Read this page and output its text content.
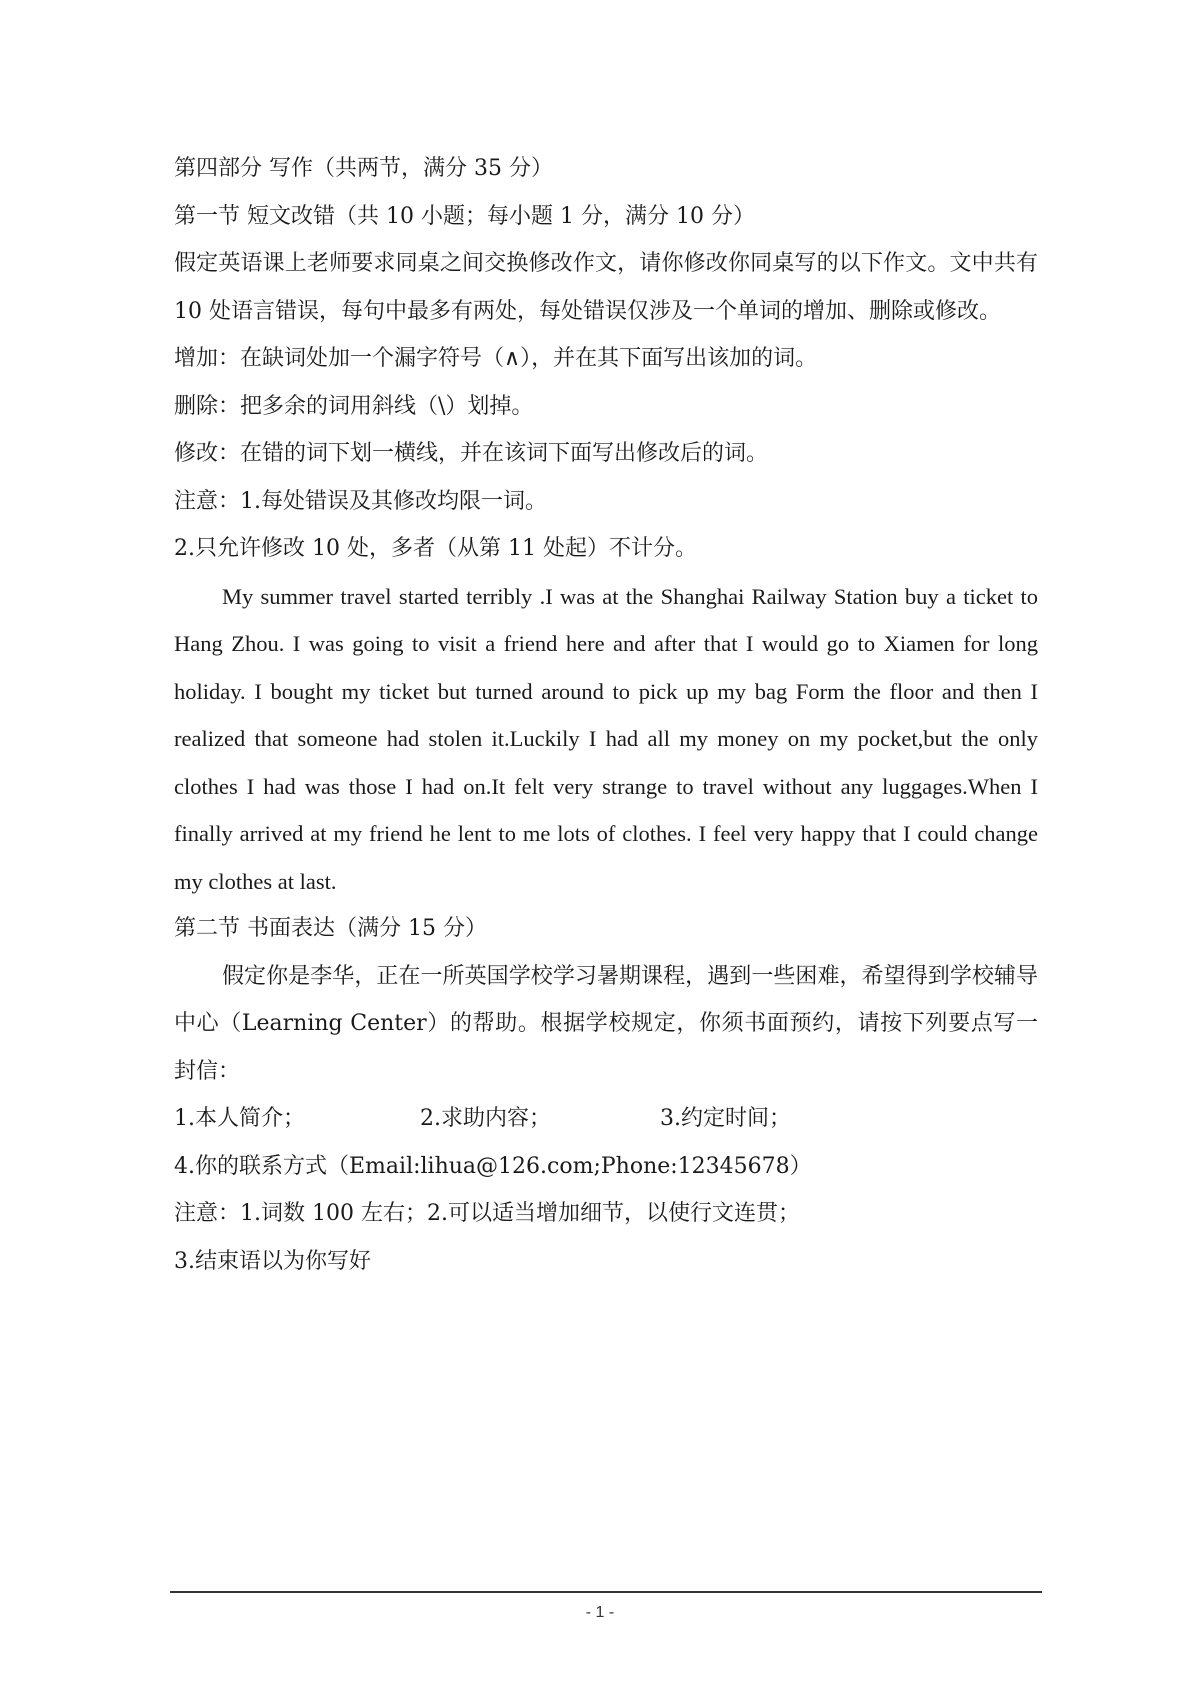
第四部分 写作（共两节，满分 35 分）

第一节 短文改错（共 10 小题；每小题 1 分，满分 10 分）

假定英语课上老师要求同桌之间交换修改作文，请你修改你同桌写的以下作文。文中共有 10 处语言错误，每句中最多有两处，每处错误仅涉及一个单词的增加、删除或修改。

增加：在缺词处加一个漏字符号（∧），并在其下面写出该加的词。

删除：把多余的词用斜线（\）划掉。

修改：在错的词下划一横线，并在该词下面写出修改后的词。

注意：1.每处错误及其修改均限一词。

2.只允许修改 10 处，多者（从第 11 处起）不计分。

My summer travel started terribly .I was at the Shanghai Railway Station buy a ticket to Hang Zhou. I was going to visit a friend here and after that I would go to Xiamen for long holiday. I bought my ticket but turned around to pick up my bag Form the floor and then I realized that someone had stolen it.Luckily I had all my money on my pocket,but the only clothes I had was those I had on.It felt very strange to travel without any luggages.When I finally arrived at my friend he lent to me lots of clothes. I feel very happy that I could change my clothes at last.

第二节 书面表达（满分 15 分）

假定你是李华，正在一所英国学校学习暑期课程，遇到一些困难，希望得到学校辅导中心（Learning Center）的帮助。根据学校规定，你须书面预约，请按下列要点写一封信：

1.本人简介；	2.求助内容；	3.约定时间；

4.你的联系方式（Email:lihua@126.com;Phone:12345678）

注意：1.词数 100 左右；2.可以适当增加细节，以使行文连贯；

3.结束语以为你写好

- 1 -
